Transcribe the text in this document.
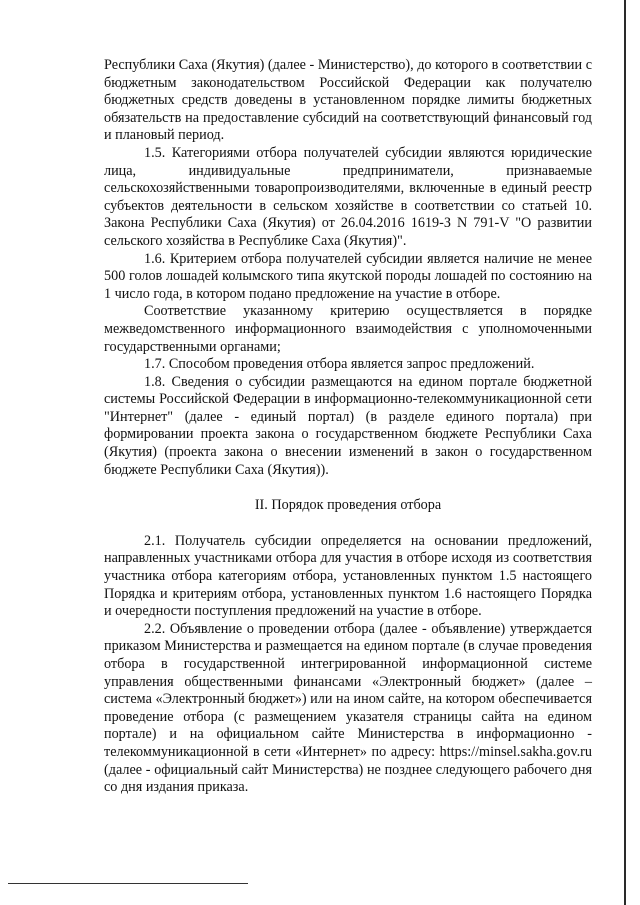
Республики Саха (Якутия) (далее - Министерство), до которого в соответствии с бюджетным законодательством Российской Федерации как получателю бюджетных средств доведены в установленном порядке лимиты бюджетных обязательств на предоставление субсидий на соответствующий финансовый год и плановый период.

1.5. Категориями отбора получателей субсидии являются юридические лица, индивидуальные предприниматели, признаваемые сельскохозяйственными товаропроизводителями, включенные в единый реестр субъектов деятельности в сельском хозяйстве в соответствии со статьей 10. Закона Республики Саха (Якутия) от 26.04.2016 1619-З N 791-V "О развитии сельского хозяйства в Республике Саха (Якутия)".

1.6. Критерием отбора получателей субсидии является наличие не менее 500 голов лошадей колымского типа якутской породы лошадей по состоянию на 1 число года, в котором подано предложение на участие в отборе.

Соответствие указанному критерию осуществляется в порядке межведомственного информационного взаимодействия с уполномоченными государственными органами;

1.7. Способом проведения отбора является запрос предложений.

1.8. Сведения о субсидии размещаются на едином портале бюджетной системы Российской Федерации в информационно-телекоммуникационной сети "Интернет" (далее - единый портал) (в разделе единого портала) при формировании проекта закона о государственном бюджете Республики Саха (Якутия) (проекта закона о внесении изменений в закон о государственном бюджете Республики Саха (Якутия)).

II. Порядок проведения отбора

2.1. Получатель субсидии определяется на основании предложений, направленных участниками отбора для участия в отборе исходя из соответствия участника отбора категориям отбора, установленных пунктом 1.5 настоящего Порядка и критериям отбора, установленных пунктом 1.6 настоящего Порядка и очередности поступления предложений на участие в отборе.

2.2. Объявление о проведении отбора (далее - объявление) утверждается приказом Министерства и размещается на едином портале (в случае проведения отбора в государственной интегрированной информационной системе управления общественными финансами «Электронный бюджет» (далее – система «Электронный бюджет») или на ином сайте, на котором обеспечивается проведение отбора (с размещением указателя страницы сайта на едином портале) и на официальном сайте Министерства в информационно - телекоммуникационной в сети «Интернет» по адресу: https://minsel.sakha.gov.ru (далее - официальный сайт Министерства) не позднее следующего рабочего дня со дня издания приказа.
